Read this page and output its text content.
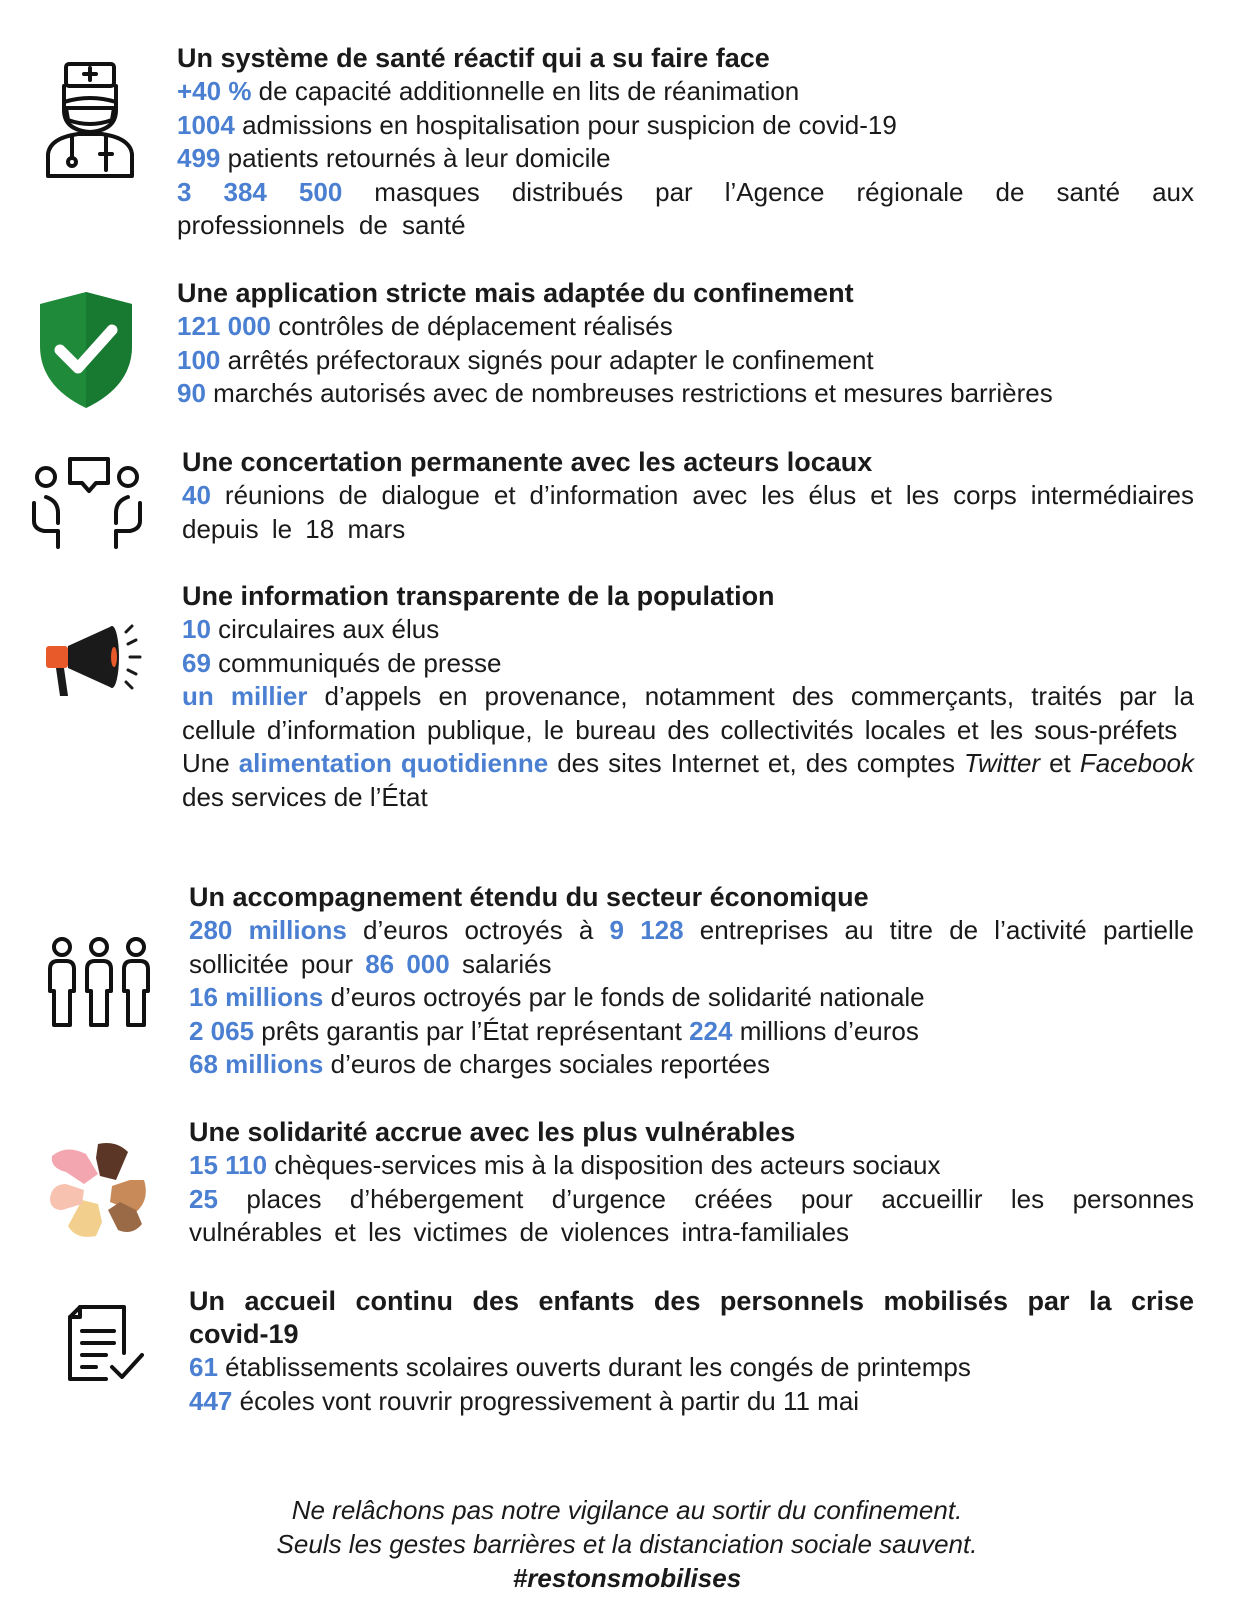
Un système de santé réactif qui a su faire face

+40 % de capacité additionnelle en lits de réanimation

1004 admissions en hospitalisation pour suspicion de covid-19

499 patients retournés à leur domicile

3 384 500 masques distribués par l’Agence régionale de santé aux professionnels de santé

Une application stricte mais adaptée du confinement

121 000 contrôles de déplacement réalisés

100 arrêtés préfectoraux signés pour adapter le confinement

90 marchés autorisés avec de nombreuses restrictions et mesures barrières

Une concertation permanente avec les acteurs locaux

40 réunions de dialogue et d’information avec les élus et les corps intermédiaires depuis le 18 mars

Une information transparente de la population

10 circulaires aux élus

69 communiqués de presse

un millier d’appels en provenance, notamment des commerçants, traités par la cellule d’information publique, le bureau des collectivités locales et les sous-préfets

Une alimentation quotidienne des sites Internet et, des comptes Twitter et Facebook des services de l’État

Un accompagnement étendu du secteur économique

280 millions d’euros octroyés à 9 128 entreprises au titre de l’activité partielle sollicitée pour 86 000 salariés

16 millions d’euros octroyés par le fonds de solidarité nationale

2 065 prêts garantis par l’État représentant 224 millions d’euros

68 millions d’euros de charges sociales reportées

Une solidarité accrue avec les plus vulnérables

15 110 chèques-services mis à la disposition des acteurs sociaux

25 places d’hébergement d’urgence créées pour accueillir les personnes vulnérables et les victimes de violences intra-familiales

Un accueil continu des enfants des personnels mobilisés par la crise covid-19

61 établissements scolaires ouverts durant les congés de printemps

447 écoles vont rouvrir progressivement à partir du 11 mai

Ne relâchons pas notre vigilance au sortir du confinement.

Seuls les gestes barrières et la distanciation sociale sauvent.

#restonsmobilises
